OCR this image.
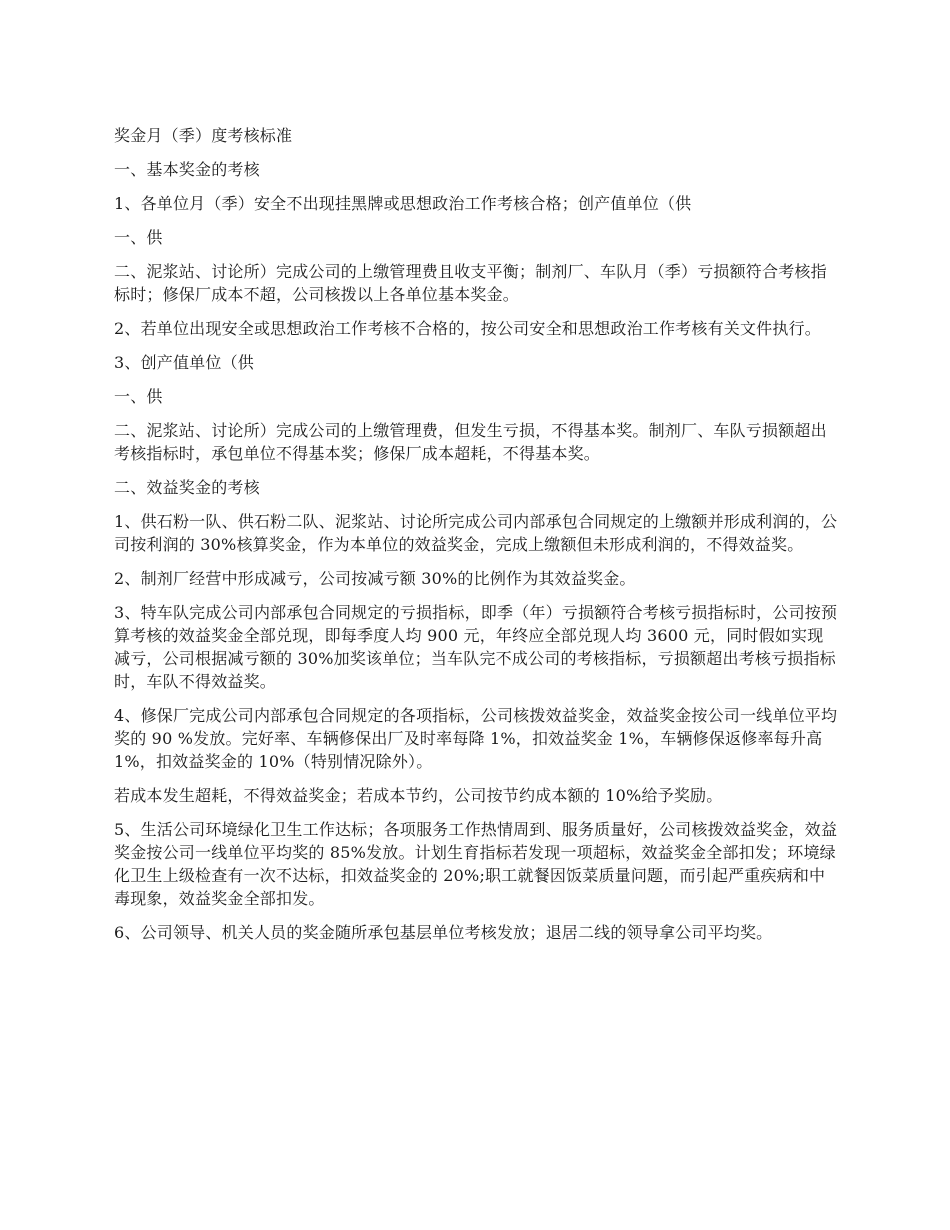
奖金月（季）度考核标准

一、基本奖金的考核

1、各单位月（季）安全不出现挂黑牌或思想政治工作考核合格；创产值单位（供

一、供

二、泥浆站、讨论所）完成公司的上缴管理费且收支平衡；制剂厂、车队月（季）亏损额符合考核指标时；修保厂成本不超，公司核拨以上各单位基本奖金。

2、若单位出现安全或思想政治工作考核不合格的，按公司安全和思想政治工作考核有关文件执行。

3、创产值单位（供

一、供

二、泥浆站、讨论所）完成公司的上缴管理费，但发生亏损，不得基本奖。制剂厂、车队亏损额超出考核指标时，承包单位不得基本奖；修保厂成本超耗，不得基本奖。

二、效益奖金的考核

1、供石粉一队、供石粉二队、泥浆站、讨论所完成公司内部承包合同规定的上缴额并形成利润的，公司按利润的 30%核算奖金，作为本单位的效益奖金，完成上缴额但未形成利润的，不得效益奖。

2、制剂厂经营中形成减亏，公司按减亏额 30%的比例作为其效益奖金。

3、特车队完成公司内部承包合同规定的亏损指标，即季（年）亏损额符合考核亏损指标时，公司按预算考核的效益奖金全部兑现，即每季度人均 900 元，年终应全部兑现人均 3600 元，同时假如实现减亏，公司根据减亏额的 30%加奖该单位；当车队完不成公司的考核指标，亏损额超出考核亏损指标时，车队不得效益奖。

4、修保厂完成公司内部承包合同规定的各项指标，公司核拨效益奖金，效益奖金按公司一线单位平均奖的 90 %发放。完好率、车辆修保出厂及时率每降 1%，扣效益奖金 1%，车辆修保返修率每升高 1%，扣效益奖金的 10%（特别情况除外）。

若成本发生超耗，不得效益奖金；若成本节约，公司按节约成本额的 10%给予奖励。

5、生活公司环境绿化卫生工作达标；各项服务工作热情周到、服务质量好，公司核拨效益奖金，效益奖金按公司一线单位平均奖的 85%发放。计划生育指标若发现一项超标，效益奖金全部扣发；环境绿化卫生上级检查有一次不达标，扣效益奖金的 20%;职工就餐因饭菜质量问题，而引起严重疾病和中毒现象，效益奖金全部扣发。

6、公司领导、机关人员的奖金随所承包基层单位考核发放；退居二线的领导拿公司平均奖。
